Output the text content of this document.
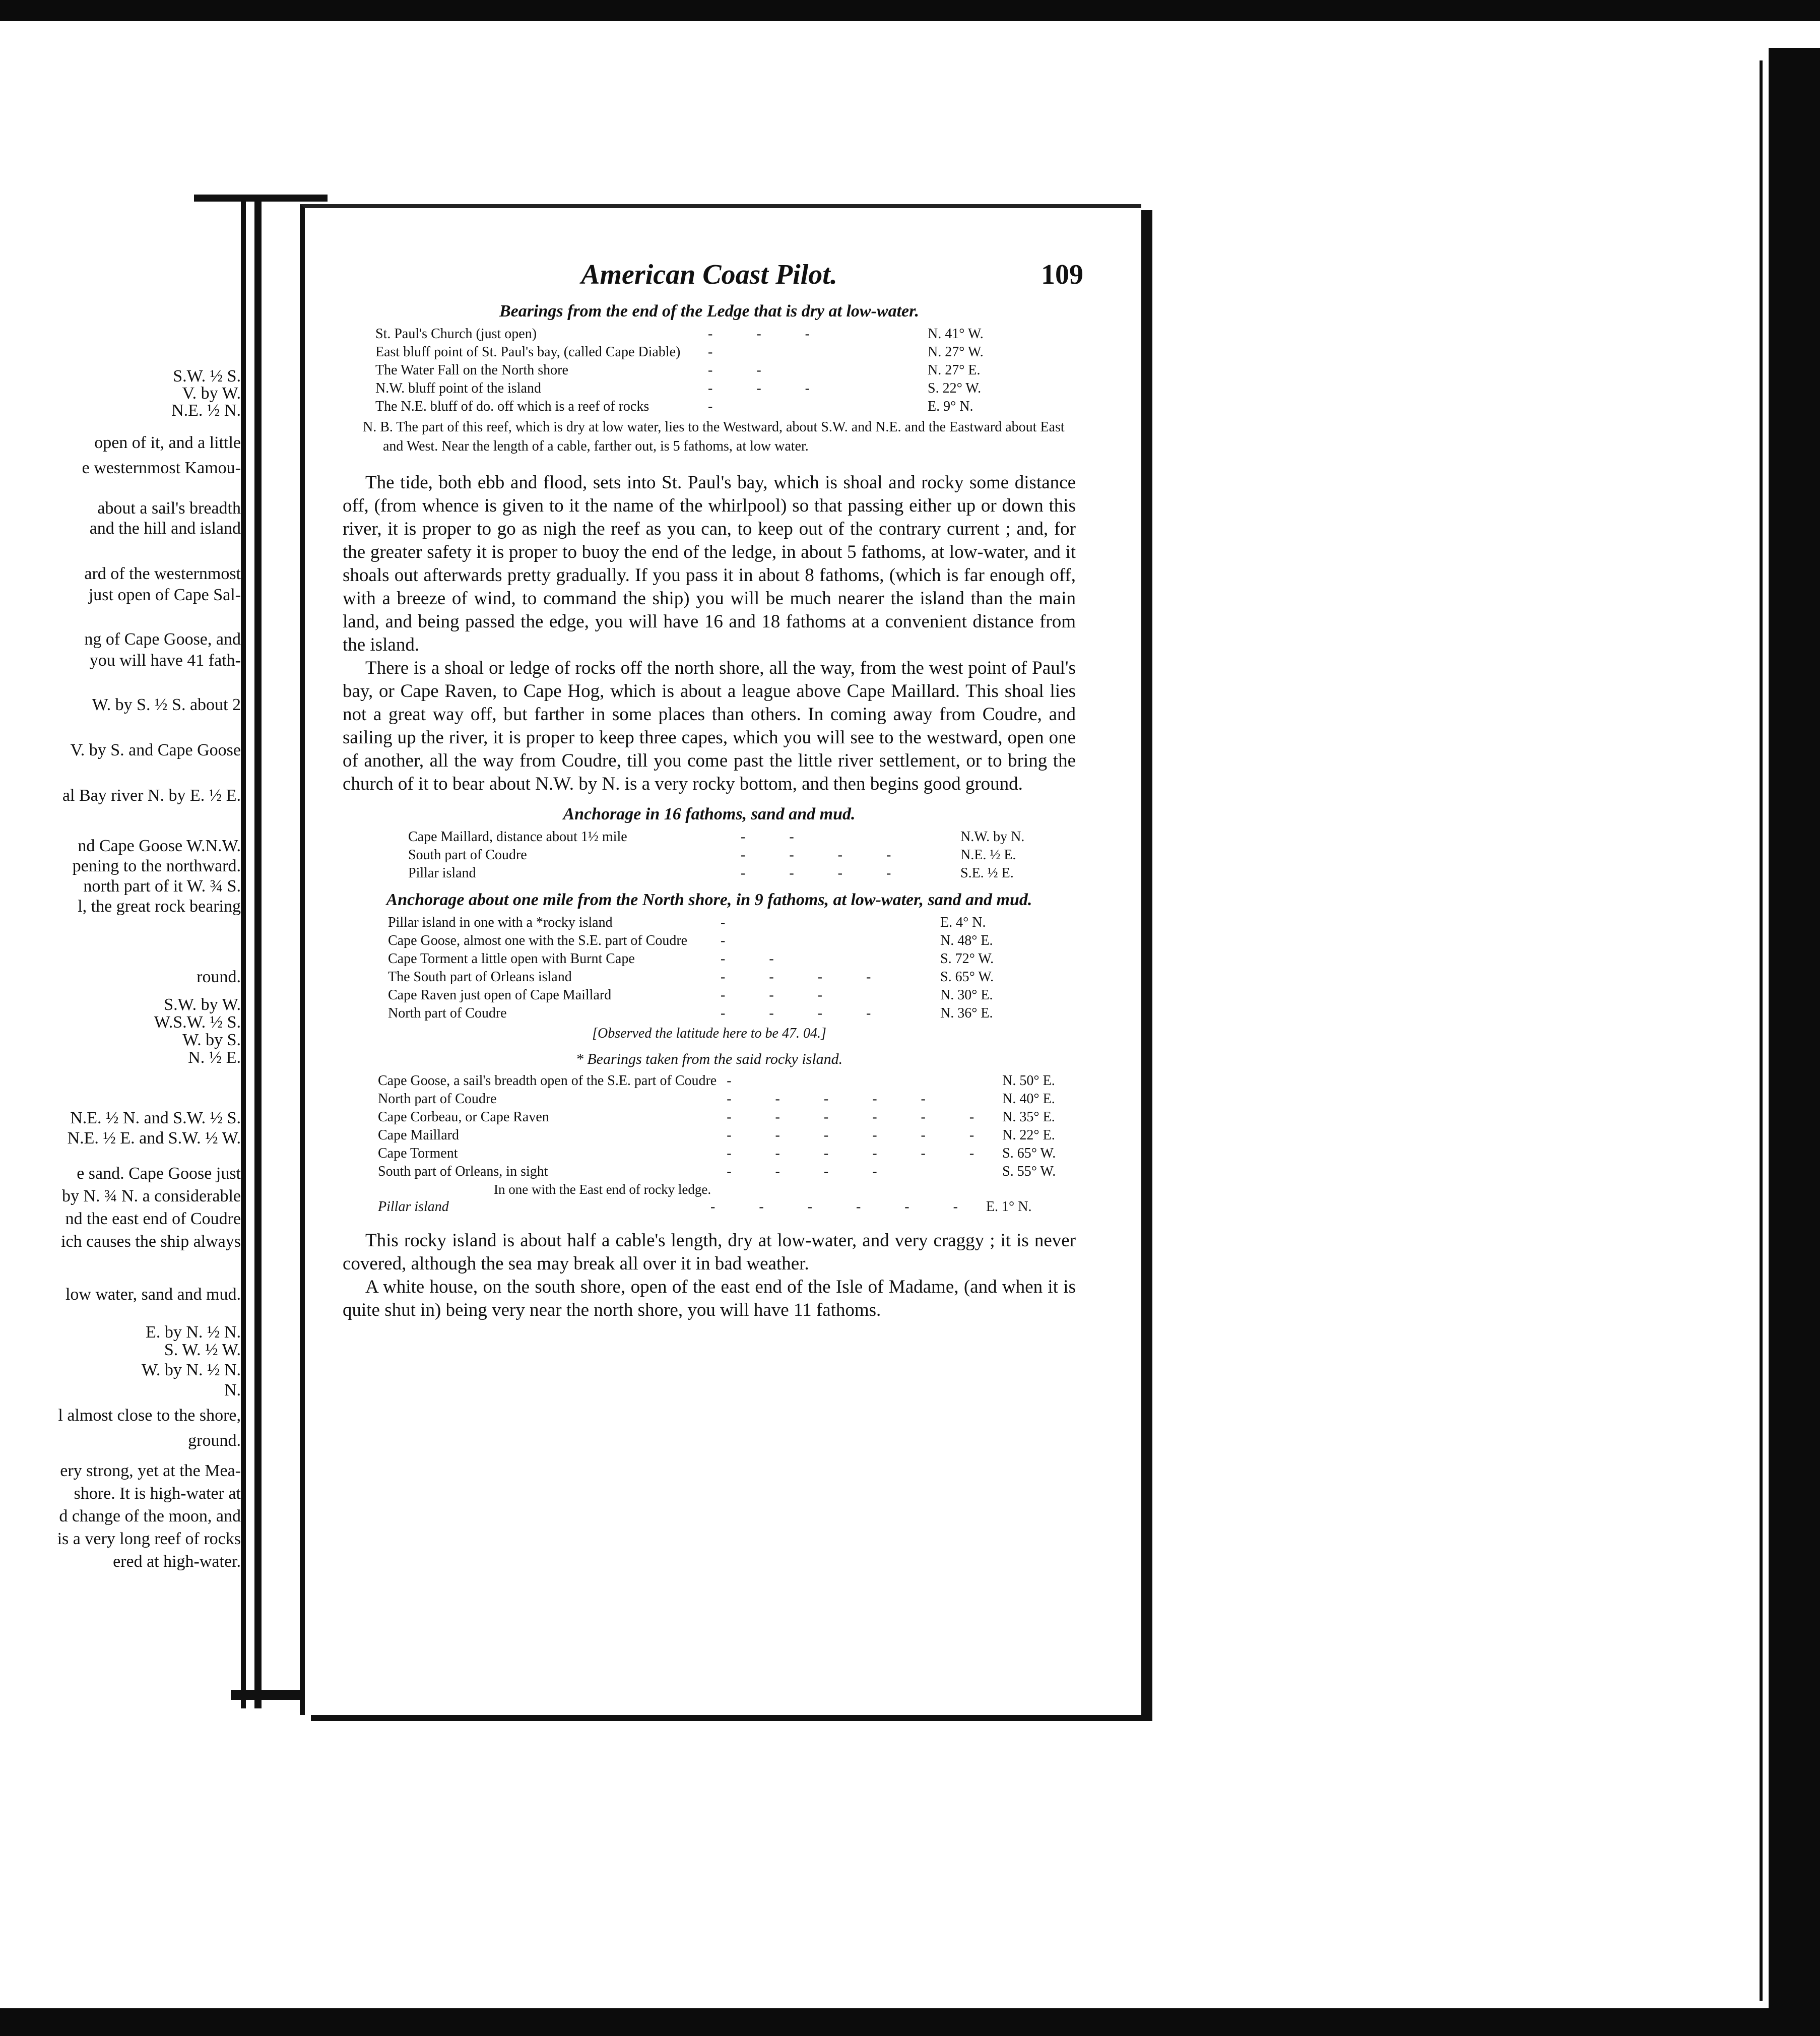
S.W. ½ S.
V. by W.
N.E. ½ N.
open of it, and a little
e westernmost Kamou-
about a sail's breadth
and the hill and island
ard of the westernmost
just open of Cape Sal-
ng of Cape Goose, and
you will have 41 fath-
W. by S. ½ S. about 2
V. by S. and Cape Goose
al Bay river N. by E. ½ E.
nd Cape Goose W.N.W.
pening to the northward.
north part of it W. ¾ S.
l, the great rock bearing
round.
S.W. by W.
W.S.W. ½ S.
W. by S.
N. ½ E.
N.E. ½ N. and S.W. ½ S.
N.E. ½ E. and S.W. ½ W.
e sand. Cape Goose just
by N. ¾ N. a considerable
nd the east end of Coudre
ich causes the ship always
low water, sand and mud.
E. by N. ½ N.
S. W. ½ W.
W. by N. ½ N.
N.
l almost close to the shore,
ground.
ery strong, yet at the Mea-
shore. It is high-water at
d change of the moon, and
is a very long reef of rocks
ered at high-water.
American Coast Pilot.	109
Bearings from the end of the Ledge that is dry at low-water.
St. Paul's Church (just open)	- - -	N. 41° W.
East bluff point of St. Paul's bay, (called Cape Diable)	-	N. 27° W.
The Water Fall on the North shore	- -	N. 27° E.
N.W. bluff point of the island	- - -	S. 22° W.
The N.E. bluff of do. off which is a reef of rocks	-	E. 9° N.
N. B. The part of this reef, which is dry at low water, lies to the Westward, about S.W. and N.E. and the Eastward about East and West. Near the length of a cable, farther out, is 5 fathoms, at low water.

The tide, both ebb and flood, sets into St. Paul's bay, which is shoal and rocky some distance off, (from whence is given to it the name of the whirlpool) so that passing either up or down this river, it is proper to go as nigh the reef as you can, to keep out of the contrary current ; and, for the greater safety it is proper to buoy the end of the ledge, in about 5 fathoms, at low-water, and it shoals out afterwards pretty gradually. If you pass it in about 8 fathoms, (which is far enough off, with a breeze of wind, to command the ship) you will be much nearer the island than the main land, and being passed the edge, you will have 16 and 18 fathoms at a convenient distance from the island.

There is a shoal or ledge of rocks off the north shore, all the way, from the west point of Paul's bay, or Cape Raven, to Cape Hog, which is about a league above Cape Maillard. This shoal lies not a great way off, but farther in some places than others. In coming away from Coudre, and sailing up the river, it is proper to keep three capes, which you will see to the westward, open one of another, all the way from Coudre, till you come past the little river settlement, or to bring the church of it to bear about N.W. by N. is a very rocky bottom, and then begins good ground.

Anchorage in 16 fathoms, sand and mud.
Cape Maillard, distance about 1½ mile	- -	N.W. by N.
South part of Coudre	- - - -	N.E. ½ E.
Pillar island	- - - -	S.E. ½ E.
Anchorage about one mile from the North shore, in 9 fathoms, at low-water, sand and mud.
Pillar island in one with a *rocky island	-	E. 4° N.
Cape Goose, almost one with the S.E. part of Coudre	-	N. 48° E.
Cape Torment a little open with Burnt Cape	- -	S. 72° W.
The South part of Orleans island	- - - -	S. 65° W.
Cape Raven just open of Cape Maillard	- - -	N. 30° E.
North part of Coudre	- - - -	N. 36° E.
[Observed the latitude here to be 47. 04.]
* Bearings taken from the said rocky island.
Cape Goose, a sail's breadth open of the S.E. part of Coudre	-	N. 50° E.
North part of Coudre	- - - - -	N. 40° E.
Cape Corbeau, or Cape Raven	- - - - - -	N. 35° E.
Cape Maillard	- - - - - -	N. 22° E.
Cape Torment	- - - - - -	S. 65° W.
South part of Orleans, in sight	- - - -	S. 55° W.
In one with the East end of rocky ledge.
Pillar island	- - - - - -	E. 1° N.

This rocky island is about half a cable's length, dry at low-water, and very craggy ; it is never covered, although the sea may break all over it in bad weather.

A white house, on the south shore, open of the east end of the Isle of Madame, (and when it is quite shut in) being very near the north shore, you will have 11 fathoms.
